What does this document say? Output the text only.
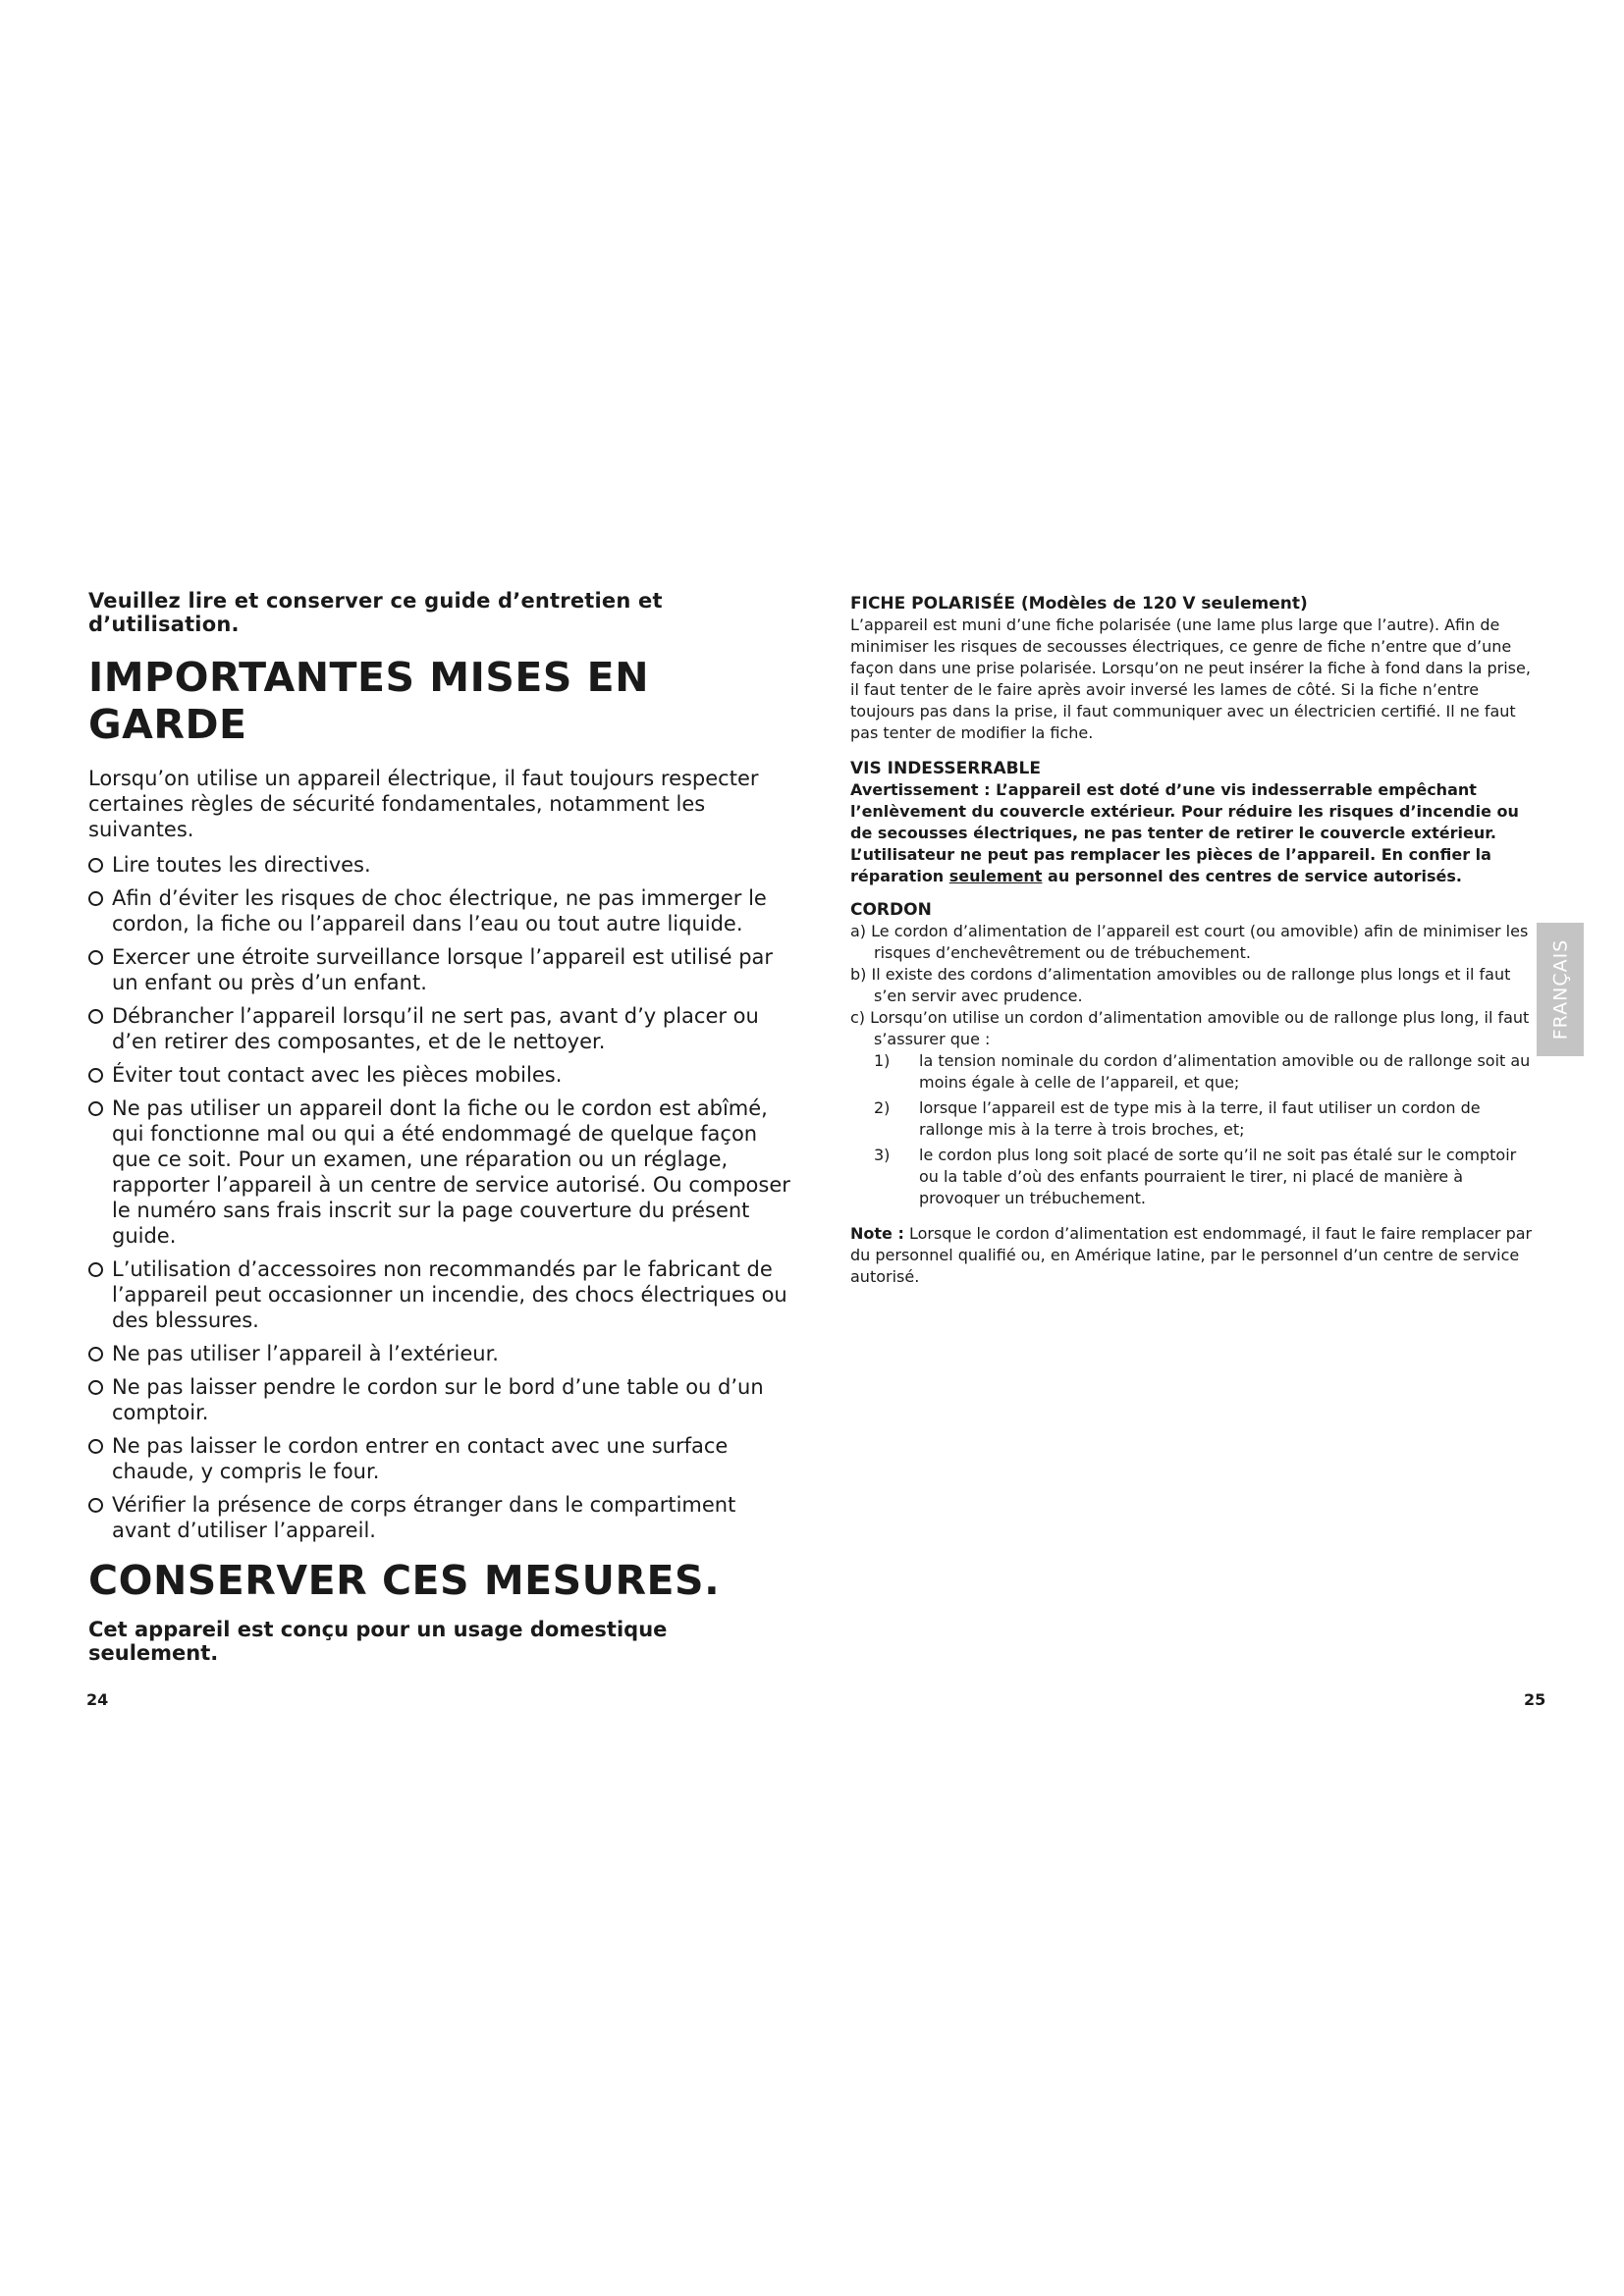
Veuillez lire et conserver ce guide d’entretien et d’utilisation.

IMPORTANTES MISES EN GARDE

Lorsqu’on utilise un appareil électrique, il faut toujours respecter certaines règles de sécurité fondamentales, notamment les suivantes.

Lire toutes les directives.
Afin d’éviter les risques de choc électrique, ne pas immerger le cordon, la fiche ou l’appareil dans l’eau ou tout autre liquide.
Exercer une étroite surveillance lorsque l’appareil est utilisé par un enfant ou près d’un enfant.
Débrancher l’appareil lorsqu’il ne sert pas, avant d’y placer ou d’en retirer des composantes, et de le nettoyer.
Éviter tout contact avec les pièces mobiles.
Ne pas utiliser un appareil dont la fiche ou le cordon est abîmé, qui fonctionne mal ou qui a été endommagé de quelque façon que ce soit. Pour un examen, une réparation ou un réglage, rapporter l’appareil à un centre de service autorisé. Ou composer le numéro sans frais inscrit sur la page couverture du présent guide.
L’utilisation d’accessoires non recommandés par le fabricant de l’appareil peut occasionner un incendie, des chocs électriques ou des blessures.
Ne pas utiliser l’appareil à l’extérieur.
Ne pas laisser pendre le cordon sur le bord d’une table ou d’un comptoir.
Ne pas laisser le cordon entrer en contact avec une surface chaude, y compris le four.
Vérifier la présence de corps étranger dans le compartiment avant d’utiliser l’appareil.
CONSERVER CES MESURES.

Cet appareil est conçu pour un usage domestique seulement.

FICHE POLARISÉE (Modèles de 120 V seulement)

L’appareil est muni d’une fiche polarisée (une lame plus large que l’autre). Afin de minimiser les risques de secousses électriques, ce genre de fiche n’entre que d’une façon dans une prise polarisée. Lorsqu’on ne peut insérer la fiche à fond dans la prise, il faut tenter de le faire après avoir inversé les lames de côté. Si la fiche n’entre toujours pas dans la prise, il faut communiquer avec un électricien certifié. Il ne faut pas tenter de modifier la fiche.

VIS INDESSERRABLE

Avertissement : L’appareil est doté d’une vis indesserrable empêchant l’enlèvement du couvercle extérieur. Pour réduire les risques d’incendie ou de secousses électriques, ne pas tenter de retirer le couvercle extérieur. L’utilisateur ne peut pas remplacer les pièces de l’appareil. En confier la réparation seulement au personnel des centres de service autorisés.

CORDON

a) Le cordon d’alimentation de l’appareil est court (ou amovible) afin de minimiser les risques d’enchevêtrement ou de trébuchement.

b) Il existe des cordons d’alimentation amovibles ou de rallonge plus longs et il faut s’en servir avec prudence.

c) Lorsqu’on utilise un cordon d’alimentation amovible ou de rallonge plus long, il faut s’assurer que :

1) la tension nominale du cordon d’alimentation amovible ou de rallonge soit au moins égale à celle de l’appareil, et que;

2) lorsque l’appareil est de type mis à la terre, il faut utiliser un cordon de rallonge mis à la terre à trois broches, et;

3) le cordon plus long soit placé de sorte qu’il ne soit pas étalé sur le comptoir ou la table d’où des enfants pourraient le tirer, ni placé de manière à provoquer un trébuchement.

Note : Lorsque le cordon d’alimentation est endommagé, il faut le faire remplacer par du personnel qualifié ou, en Amérique latine, par le personnel d’un centre de service autorisé.

FRANÇAIS
24	25
